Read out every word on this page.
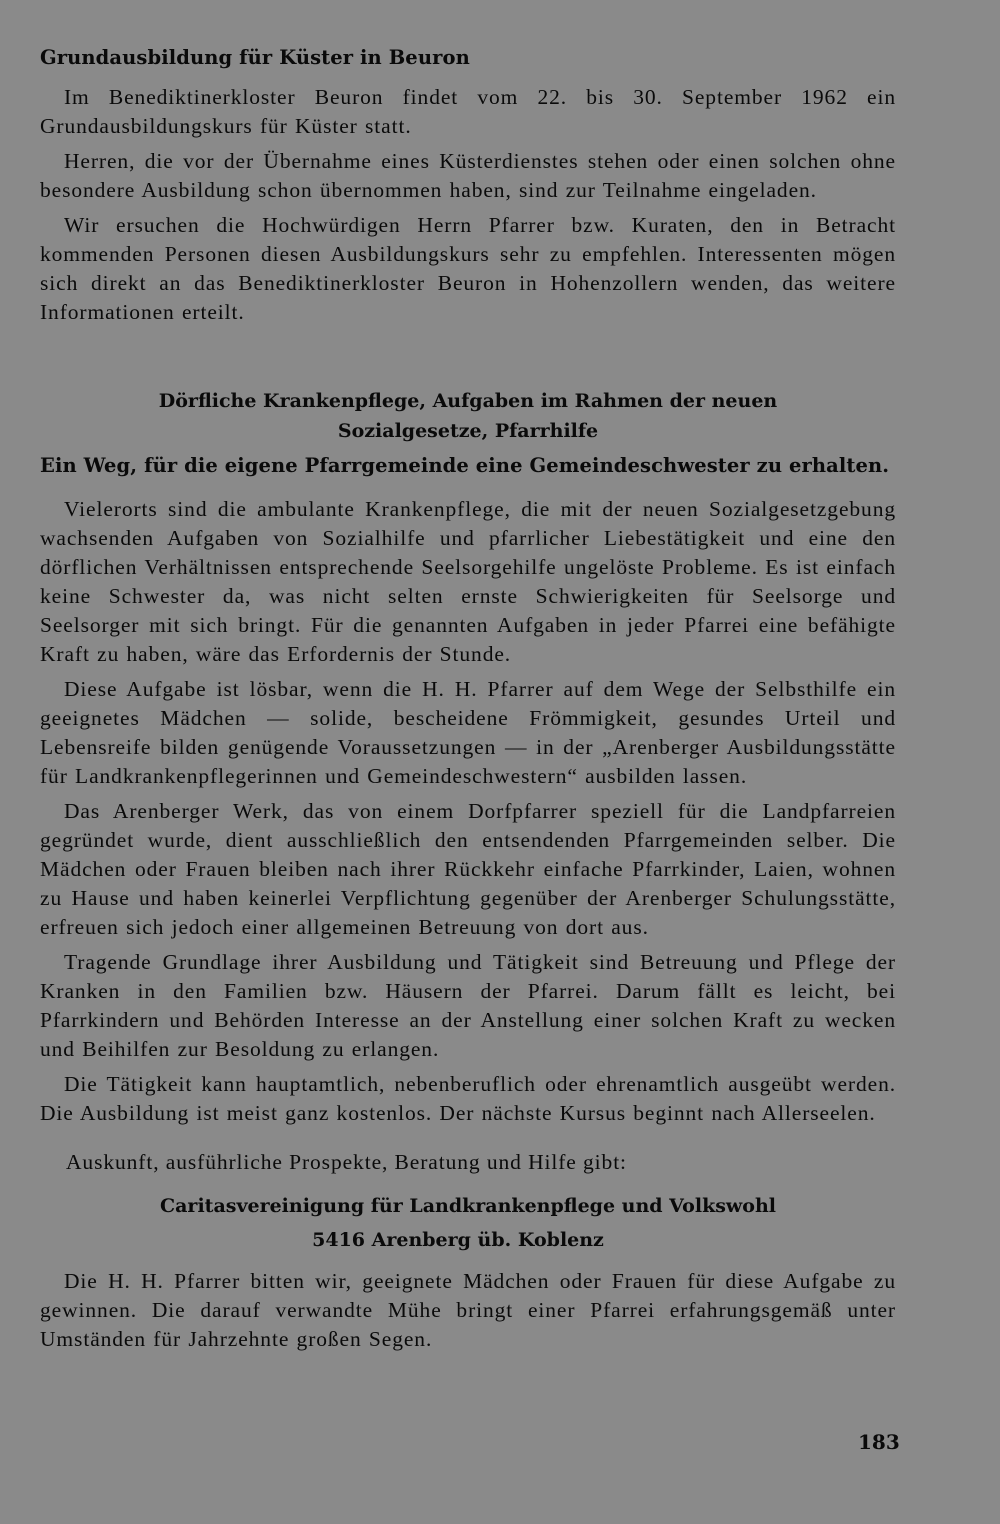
Grundausbildung für Küster in Beuron

Im Benediktinerkloster Beuron findet vom 22. bis 30. September 1962 ein Grundausbildungskurs für Küster statt.

Herren, die vor der Übernahme eines Küsterdienstes stehen oder einen solchen ohne besondere Ausbildung schon übernommen haben, sind zur Teilnahme eingeladen.

Wir ersuchen die Hochwürdigen Herrn Pfarrer bzw. Kuraten, den in Betracht kommenden Personen diesen Ausbildungskurs sehr zu empfehlen. Interessenten mögen sich direkt an das Benediktinerkloster Beuron in Hohenzollern wenden, das weitere Informationen erteilt.

Dörfliche Krankenpflege, Aufgaben im Rahmen der neuen
Sozialgesetze, Pfarrhilfe
Ein Weg, für die eigene Pfarrgemeinde eine Gemeindeschwester zu erhalten.

Vielerorts sind die ambulante Krankenpflege, die mit der neuen Sozialgesetzgebung wachsenden Aufgaben von Sozialhilfe und pfarrlicher Liebestätigkeit und eine den dörflichen Verhältnissen entsprechende Seelsorgehilfe ungelöste Probleme. Es ist einfach keine Schwester da, was nicht selten ernste Schwierigkeiten für Seelsorge und Seelsorger mit sich bringt. Für die genannten Aufgaben in jeder Pfarrei eine befähigte Kraft zu haben, wäre das Erfordernis der Stunde.

Diese Aufgabe ist lösbar, wenn die H. H. Pfarrer auf dem Wege der Selbsthilfe ein geeignetes Mädchen — solide, bescheidene Frömmigkeit, gesundes Urteil und Lebensreife bilden genügende Voraussetzungen — in der „Arenberger Ausbildungsstätte für Landkrankenpflegerinnen und Gemeindeschwestern“ ausbilden lassen.

Das Arenberger Werk, das von einem Dorfpfarrer speziell für die Landpfarreien gegründet wurde, dient ausschließlich den entsendenden Pfarrgemeinden selber. Die Mädchen oder Frauen bleiben nach ihrer Rückkehr einfache Pfarrkinder, Laien, wohnen zu Hause und haben keinerlei Verpflichtung gegenüber der Arenberger Schulungsstätte, erfreuen sich jedoch einer allgemeinen Betreuung von dort aus.

Tragende Grundlage ihrer Ausbildung und Tätigkeit sind Betreuung und Pflege der Kranken in den Familien bzw. Häusern der Pfarrei. Darum fällt es leicht, bei Pfarrkindern und Behörden Interesse an der Anstellung einer solchen Kraft zu wecken und Beihilfen zur Besoldung zu erlangen.

Die Tätigkeit kann hauptamtlich, nebenberuflich oder ehrenamtlich ausgeübt werden. Die Ausbildung ist meist ganz kostenlos. Der nächste Kursus beginnt nach Allerseelen.

Auskunft, ausführliche Prospekte, Beratung und Hilfe gibt:
Caritasvereinigung für Landkrankenpflege und Volkswohl
5416 Arenberg üb. Koblenz

Die H. H. Pfarrer bitten wir, geeignete Mädchen oder Frauen für diese Aufgabe zu gewinnen. Die darauf verwandte Mühe bringt einer Pfarrei erfahrungsgemäß unter Umständen für Jahrzehnte großen Segen.

183
